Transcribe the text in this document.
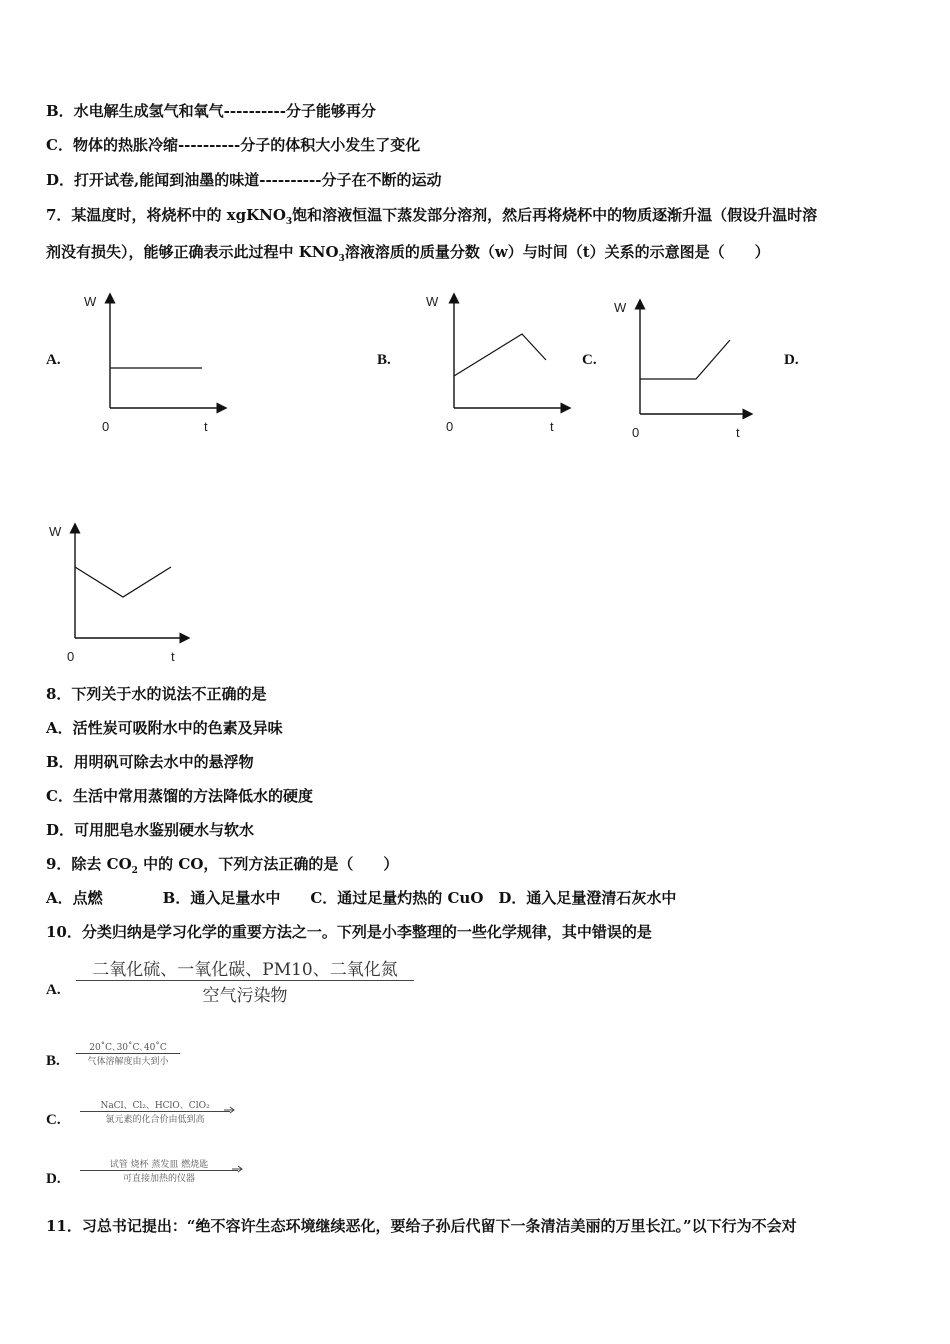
B．水电解生成氢气和氧气----------分子能够再分
C．物体的热胀冷缩----------分子的体积大小发生了变化
D．打开试卷,能闻到油墨的味道----------分子在不断的运动
7．某温度时，将烧杯中的 xgKNO$_3$饱和溶液恒温下蒸发部分溶剂，然后再将烧杯中的物质逐渐升温（假设升温时溶
剂没有损失），能够正确表示此过程中 $KNO_3$溶液溶质的质量分数（w）与时间（t）关系的示意图是（　　）
A.	B.	C.	D.
W
0	t
W
0	t
W
0	t
W
0	t
8．下列关于水的说法不正确的是
A．活性炭可吸附水中的色素及异味
B．用明矾可除去水中的悬浮物
C．生活中常用蒸馏的方法降低水的硬度
D．可用肥皂水鉴别硬水与软水
9．除去 $CO_2$ 中的 CO，下列方法正确的是（　　）
A．点燃　　　　B．通入足量水中　　C．通过足量灼热的 CuO　D．通入足量澄清石灰水中
10．分类归纳是学习化学的重要方法之一。下列是小李整理的一些化学规律，其中错误的是
A.
二氧化硫、一氧化碳、PM10、二氧化氮
空气污染物
B.
20˚C､30˚C､40˚C
气体溶解度由大到小
C.
NaCl、Cl₂、HClO、ClO₂
氯元素的化合价由低到高
D.
试管 烧杯 蒸发皿 燃烧匙
可直接加热的仪器
11．习总书记提出：“绝不容许生态环境继续恶化，要给子孙后代留下一条清洁美丽的万里长江。”以下行为不会对
